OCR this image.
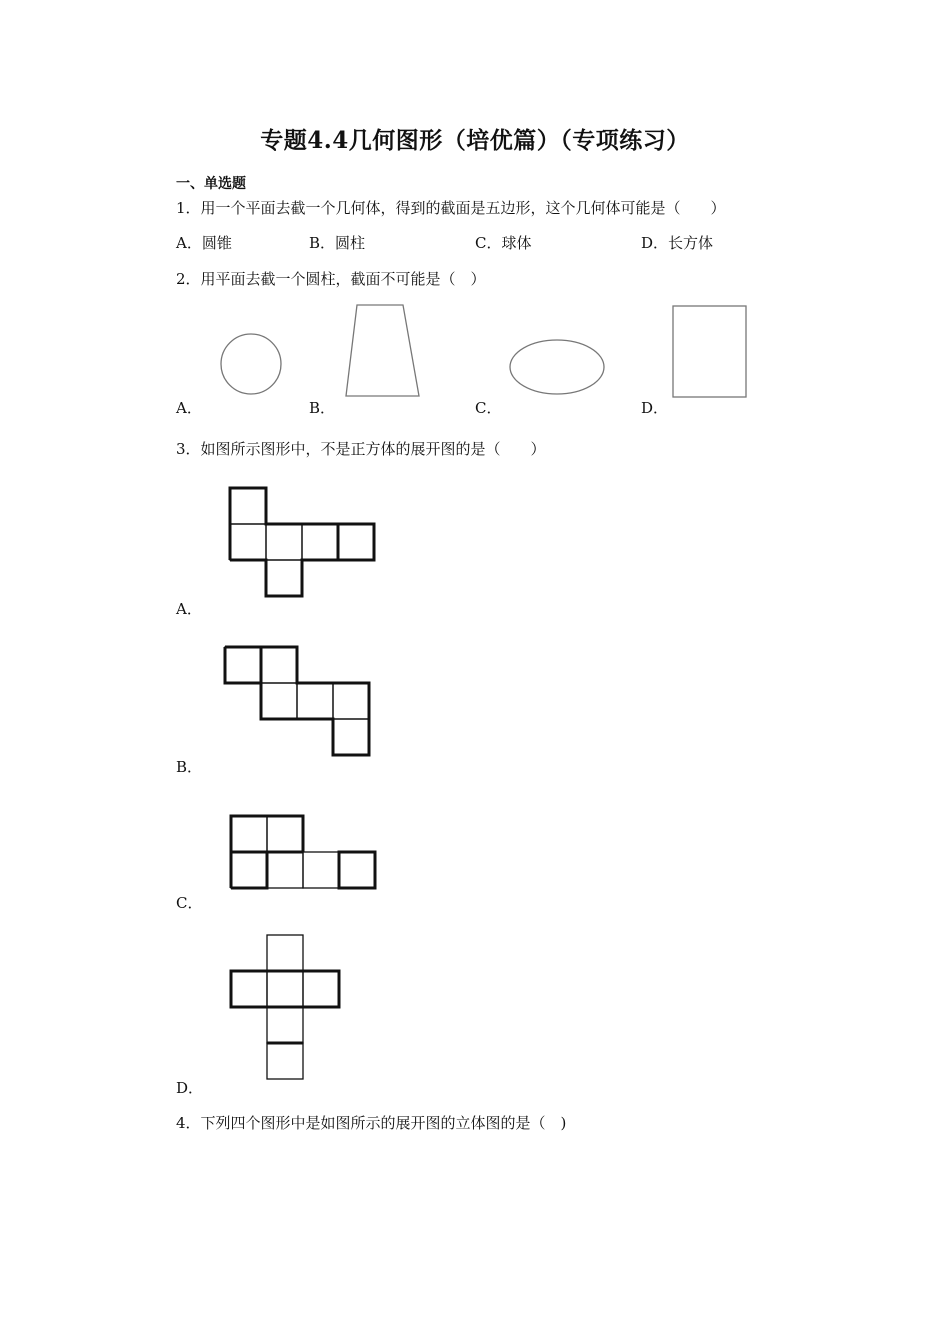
专题4.4几何图形（培优篇）（专项练习）
一、单选题
1．用一个平面去截一个几何体，得到的截面是五边形，这个几何体可能是（　　）
A．圆锥	B．圆柱	C．球体	D．长方体
2．用平面去截一个圆柱，截面不可能是（　）
A．	B．	C．	D．
3．如图所示图形中，不是正方体的展开图的是（　　）
A．
B．
C．
D．
4．下列四个图形中是如图所示的展开图的立体图的是（　)
